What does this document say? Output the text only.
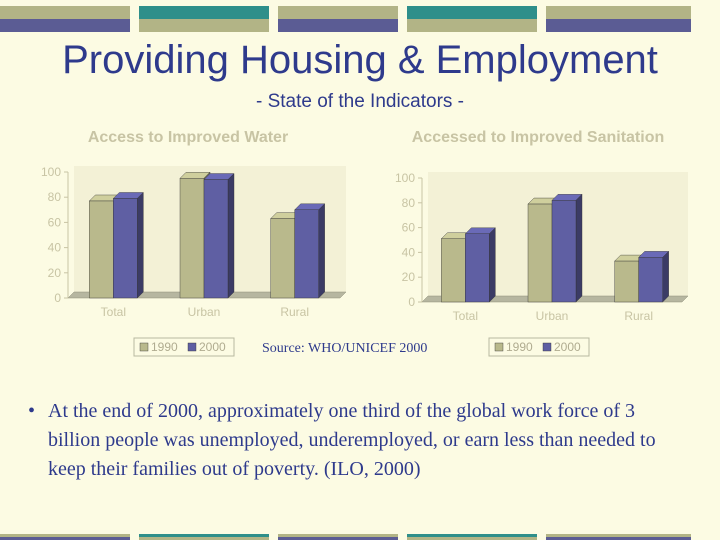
Providing Housing & Employment
- State of the Indicators -
Access to Improved Water
0
20
40
60
80
100
Total	Urban	Rural
1990 2000
Accessed to Improved Sanitation
0
20
40
60
80
100
Total	Urban	Rural
1990 2000
Source: WHO/UNICEF 2000
• At the end of 2000, approximately one third of the global work force of 3 billion people was unemployed, underemployed, or earn less than needed to keep their families out of poverty. (ILO, 2000)
